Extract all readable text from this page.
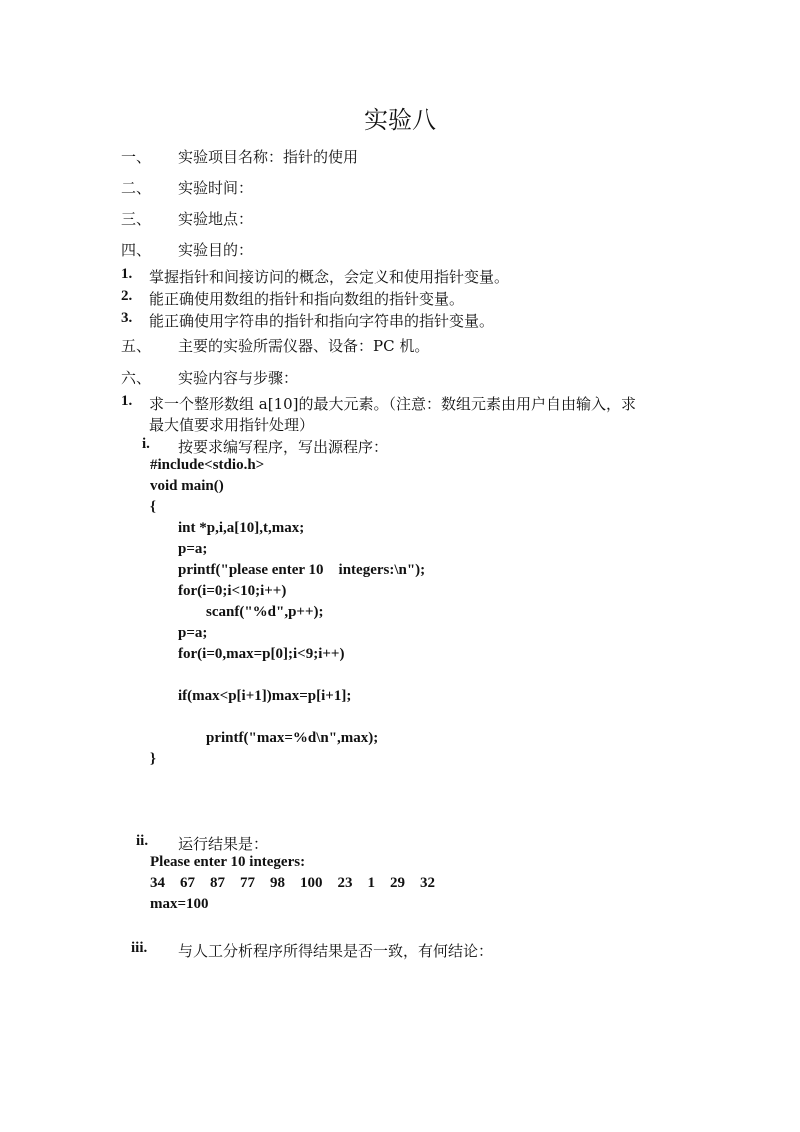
实验八
一、 实验项目名称：指针的使用
二、 实验时间：
三、 实验地点：
四、 实验目的：
1. 掌握指针和间接访问的概念，会定义和使用指针变量。
2. 能正确使用数组的指针和指向数组的指针变量。
3. 能正确使用字符串的指针和指向字符串的指针变量。
五、 主要的实验所需仪器、设备：PC 机。
六、 实验内容与步骤：
1. 求一个整形数组 a[10]的最大元素。（注意：数组元素由用户自由输入，求
最大值要求用指针处理）
i. 按要求编写程序，写出源程序：
#include<stdio.h>
void main()
{
int *p,i,a[10],t,max;
p=a;
printf("please enter 10    integers:\n");
for(i=0;i<10;i++)
scanf("%d",p++);
p=a;
for(i=0,max=p[0];i<9;i++)
if(max<p[i+1])max=p[i+1];
printf("max=%d\n",max);
}
ii. 运行结果是：
Please enter 10 integers:
34    67    87    77    98    100    23    1    29    32
max=100
iii. 与人工分析程序所得结果是否一致，有何结论：
